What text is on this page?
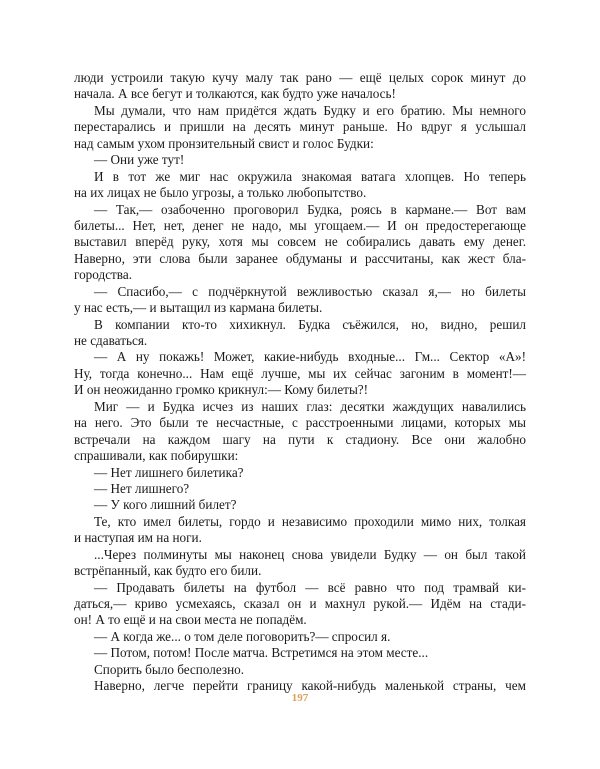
люди устроили такую кучу малу так рано — ещё целых сорок минут до
начала. А все бегут и толкаются, как будто уже началось!
Мы думали, что нам придётся ждать Будку и его братию. Мы немного
перестарались и пришли на десять минут раньше. Но вдруг я услышал
над самым ухом пронзительный свист и голос Будки:
— Они уже тут!
И в тот же миг нас окружила знакомая ватага хлопцев. Но теперь
на их лицах не было угрозы, а только любопытство.
— Так,— озабоченно проговорил Будка, роясь в кармане.— Вот вам
билеты... Нет, нет, денег не надо, мы угощаем.— И он предостерегающе
выставил вперёд руку, хотя мы совсем не собирались давать ему денег.
Наверно, эти слова были заранее обдуманы и рассчитаны, как жест бла-
городства.
— Спасибо,— с подчёркнутой вежливостью сказал я,— но билеты
у нас есть,— и вытащил из кармана билеты.
В компании кто-то хихикнул. Будка съёжился, но, видно, решил
не сдаваться.
— А ну покажь! Может, какие-нибудь входные... Гм... Сектор «А»!
Ну, тогда конечно... Нам ещё лучше, мы их сейчас загоним в момент!—
И он неожиданно громко крикнул:— Кому билеты?!
Миг — и Будка исчез из наших глаз: десятки жаждущих навалились
на него. Это были те несчастные, с расстроенными лицами, которых мы
встречали на каждом шагу на пути к стадиону. Все они жалобно
спрашивали, как побирушки:
— Нет лишнего билетика?
— Нет лишнего?
— У кого лишний билет?
Те, кто имел билеты, гордо и независимо проходили мимо них, толкая
и наступая им на ноги.
...Через полминуты мы наконец снова увидели Будку — он был такой
встрёпанный, как будто его били.
— Продавать билеты на футбол — всё равно что под трамвай ки-
даться,— криво усмехаясь, сказал он и махнул рукой.— Идём на стади-
он! А то ещё и на свои места не попадём.
— А когда же... о том деле поговорить?— спросил я.
— Потом, потом! После матча. Встретимся на этом месте...
Спорить было бесполезно.
Наверно, легче перейти границу какой-нибудь маленькой страны, чем
197
